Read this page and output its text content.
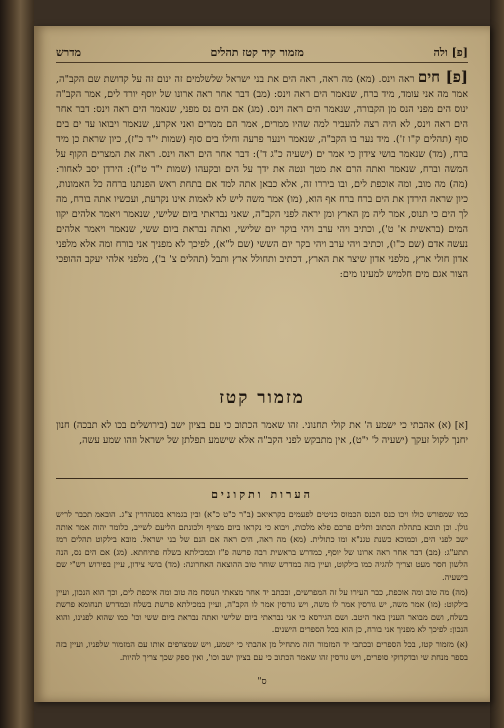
[פ] ולה
מזמור קיד קטז תהלים
מדרש

[פ] חים ראה וינס. (מא) מה ראה, ראה הים את בני ישראל שלשלמים זה ינום זה על קדושת שם הקב"ה, אמר מה אני עומד, מיד ברח, שנאמר הים ראה וינס: (מב) דבר אחר ראה ארונו של יוסף יורד לים, אמר הקב"ה ינוס הים מפני הנס מן הקבורה, שנאמר הים ראה וינס. (מג) אם הים נס מפני, שנאמר הים ראה וינס: דבר אחר הים ראה וינס, לא היה רצה להעביר למה שהיו ממרים, אמר הם ממרים ואני אקרע, שנאמר ויבואו עד ים בים סוף (תהלים ק"ו ז'). מיד נער בו הקב"ה, שנאמר וינער פרעה וחילו בים סוף (שמות י"ד כ"ז), כיון שראת כן מיד ברח, (מד) שנאמר בושי צידון כי אמר ים (ישעיה כ"ג ד'): דבר אחר הים ראה וינס. ראה את המצרים הקוף על המשה וברח, שנאמר ואתה הרם את מטך ונטה את ידך על הים ובקעהו (שמות י"ד ט"ז): הירדן יסב לאחור: (מה) מה מוב, ומה אוכפת לים, ובו ביררו זה, אלא כבאן אתה למד אם בתחת ראש הפנתנו ברחה כל האמונות, כיון שראה הירדן את הים ברח ברח אף הוא, (מו) אמר משה ליש לא לאמות אינו נקרעת, ועכשיו אתה בורח, מה לך הים כי תנוס, אמר ליה מן הארץ ומן יראה לפני הקב"ה, שאני נבראתי ביום שלישי, שנאמר ויאמר אלהים יקוו המים (בראשית א' ט'), וכתיב ויהי ערב ויהי בוקר יום שלישי, ואתה נבראת ביום ששי, שנאמר ויאמר אלהים נעשה אדם (שם כ"ו), וכתיב ויהי ערב ויהי בקר יום הששי (שם ל"א), לפיכך לא מפניך אני בורח ומה אלא מלפני אדון חולי ארץ, מלפני אדון שיצר את הארץ, דכתיב ותחולל ארץ ותבל (תהלים צ' ב'), מלפני אלהי יעקב ההופכי הצור אגם מים חלמיש למעינו מים:

מזמור קטז

[א] (א) אהבתי כי ישמע ה' את קולי תחנוני. זהו שאמר הכתוב כי עם בציון ישב (בירושלים בכו לא תבכה) חנון יחנך לקול זעקך (ישעיה ל' י"ט), אין מתבקש לפני הקב"ה אלא שישמע תפלתן של ישראל וזהו שמע עשה,

הערות ותקונים

כמו שמפורש כולו ויכו כנס הכנס הכמוס כניטים לפעמים בקראיאב (ב"ר כ"ט כ"א) ובין בגמרא בסנהדרין צ"ג. הובאמ תכבר לריש גולן. וכן תובא בתהלת הכתוב ותלים פרכם פלא מלכות, ויבוא כי נקראו ביום מצויף ולכונתם הליעם לשייב, כלומר יהוה אמר אותה ישב לפני הים, וכמוכא כשנת טגנ"א ומו כתולית. (מא) מה ראה, הים ראה אם הנם של בני ישראל. מובא בילקוט תהלים רמז תתע"ג: (מב) דבר אחר ראה ארונו של יוסף, כמדרש בראשית רבה פרשה פ"ז ובמכילתא בשלח פתיחתא. (מג) אם הים נס, הנה הלשון חסר מעט וצריך להגיה כמו בילקוט, ועיין בזה במדרש שוחר טוב ההוצאה האחרונה: (מד) בושי צידון, עיין בפירוש רש"י שם בישעיה.

(מה) מה טוב ומה אוכפת, כבר העירו על זה המפרשים, ובכתב יד אחר מצאתי הנוסח מה טוב ומה איכפת לים, וכך הוא הנכון, ועיין בילקוט: (מו) אמר משה, יש גורסין אמר לו משה, ויש גורסין אמר לו הקב"ה, ועיין במכילתא פרשת בשלח ובמדרש תנחומא פרשת בשלח, ושם מבואר הענין באר היטב. ושם הגירסא כי אני נבראתי ביום שלישי ואתה נבראת ביום ששי וכו' כמו שהוא לפנינו, והוא הנכון: לפיכך לא מפניך אני בורח, כן הוא בכל הספרים הישנים.

(א) מזמור קטז, בכל הספרים ובכתבי יד המזמור הזה מתחיל מן אהבתי כי ישמע, ויש שמצרפים אותו עם המזמור שלפניו, ועיין בזה בספר מנחת שי ובדקדוקי סופרים, ויש גורסין זהו שאמר הכתוב כי עם בציון ישב וכו', ואין ספק שכך צריך להיות.

ס"
